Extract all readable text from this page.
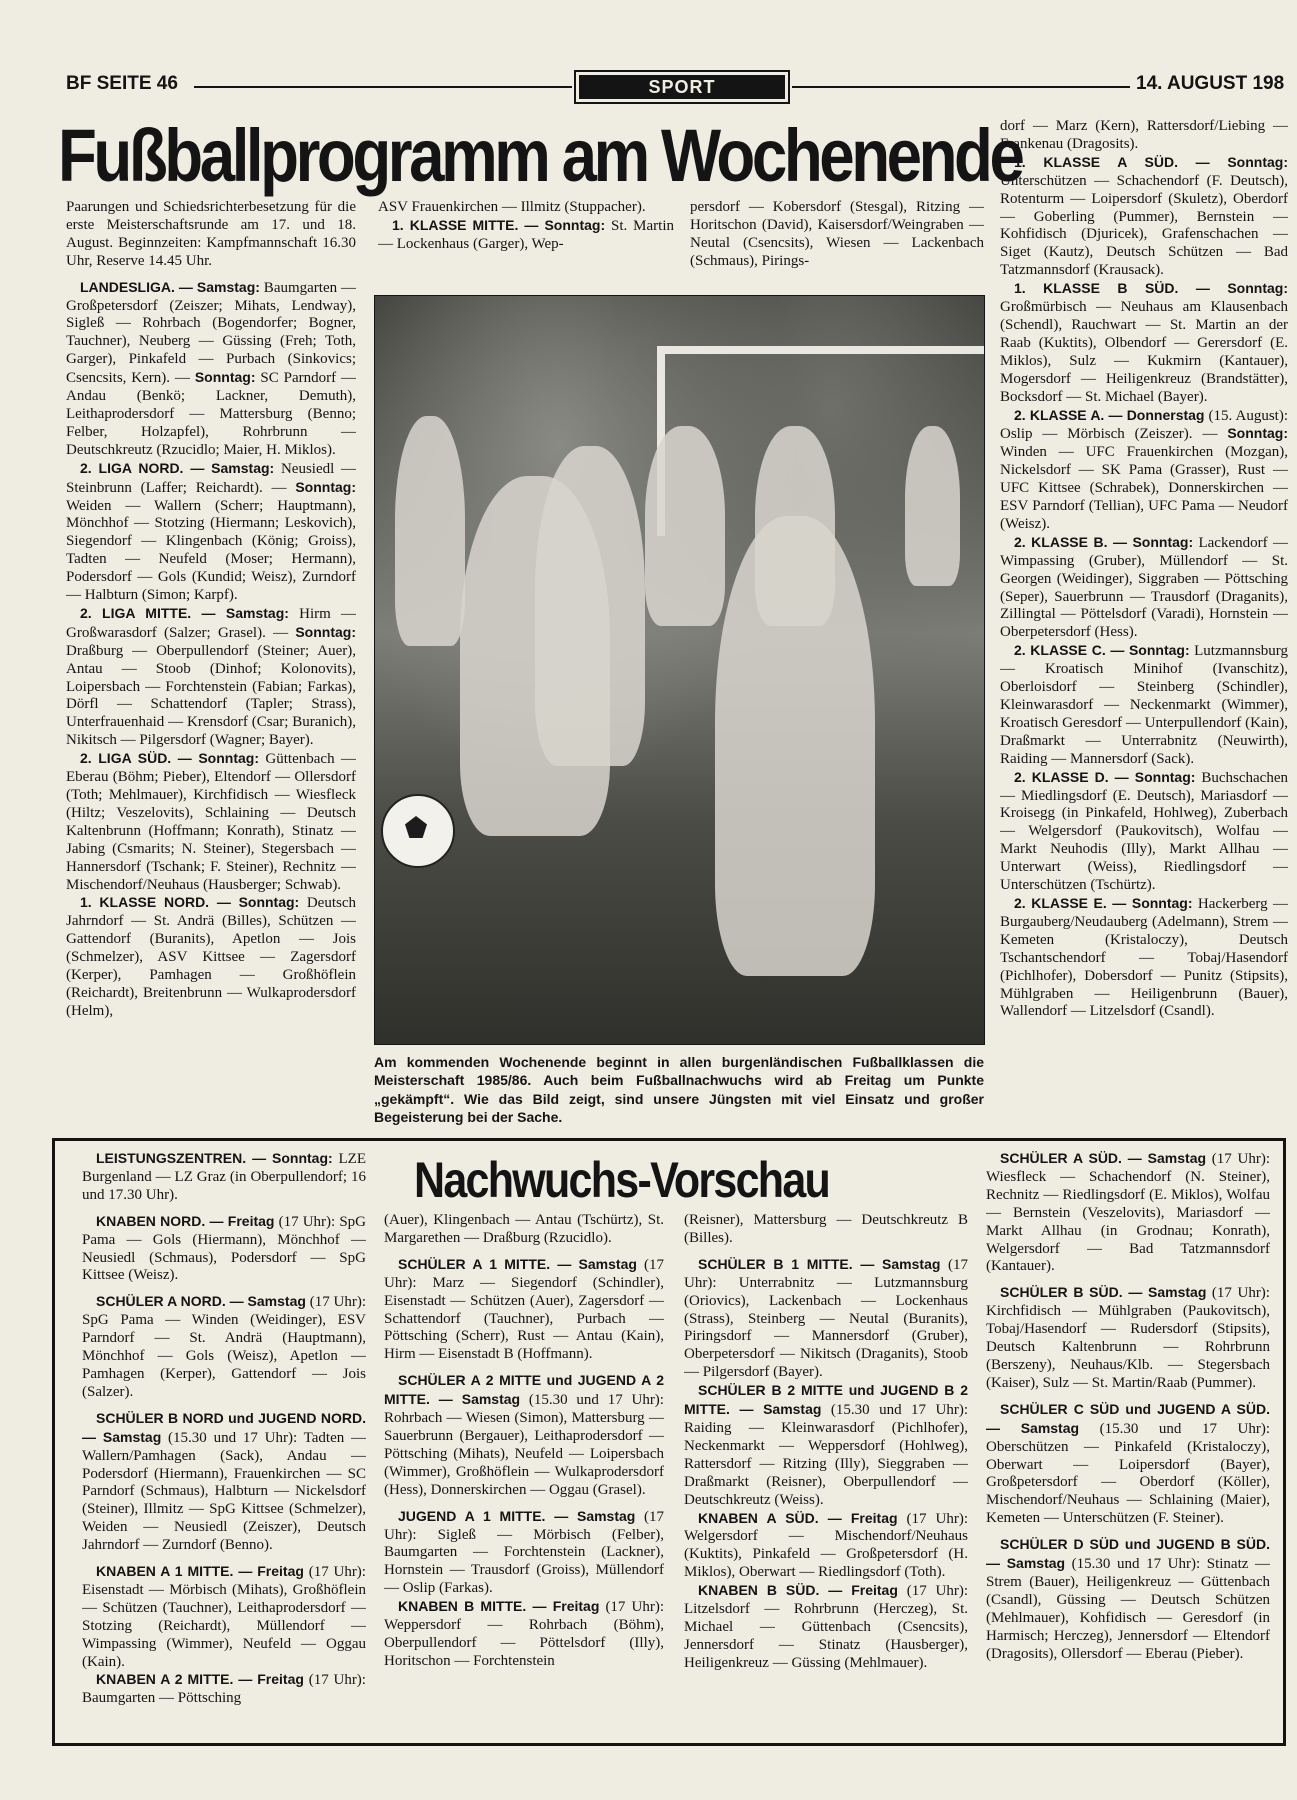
BF SEITE 46	SPORT	14. AUGUST 198
Fußballprogramm am Wochenende

Paarungen und Schiedsrichterbesetzung für die erste Meisterschaftsrunde am 17. und 18. August. Beginnzeiten: Kampfmannschaft 16.30 Uhr, Reserve 14.45 Uhr.

LANDESLIGA. — Samstag: Baumgarten — Großpetersdorf (Zeiszer; Mihats, Lendway), Sigleß — Rohrbach (Bogendorfer; Bogner, Tauchner), Neuberg — Güssing (Freh; Toth, Garger), Pinkafeld — Purbach (Sinkovics; Csencsits, Kern). — Sonntag: SC Parndorf — Andau (Benkö; Lackner, Demuth), Leithaprodersdorf — Mattersburg (Benno; Felber, Holzapfel), Rohrbrunn — Deutschkreutz (Rzucidlo; Maier, H. Miklos).

2. LIGA NORD. — Samstag: Neusiedl — Steinbrunn (Laffer; Reichardt). — Sonntag: Weiden — Wallern (Scherr; Hauptmann), Mönchhof — Stotzing (Hiermann; Leskovich), Siegendorf — Klingenbach (König; Groiss), Tadten — Neufeld (Moser; Hermann), Podersdorf — Gols (Kundid; Weisz), Zurndorf — Halbturn (Simon; Karpf).

2. LIGA MITTE. — Samstag: Hirm — Großwarasdorf (Salzer; Grasel). — Sonntag: Draßburg — Oberpullendorf (Steiner; Auer), Antau — Stoob (Dinhof; Kolonovits), Loipersbach — Forchtenstein (Fabian; Farkas), Dörfl — Schattendorf (Tapler; Strass), Unterfrauenhaid — Krensdorf (Csar; Buranich), Nikitsch — Pilgersdorf (Wagner; Bayer).

2. LIGA SÜD. — Sonntag: Güttenbach — Eberau (Böhm; Pieber), Eltendorf — Ollersdorf (Toth; Mehlmauer), Kirchfidisch — Wiesfleck (Hiltz; Veszelovits), Schlaining — Deutsch Kaltenbrunn (Hoffmann; Konrath), Stinatz — Jabing (Csmarits; N. Steiner), Stegersbach — Hannersdorf (Tschank; F. Steiner), Rechnitz — Mischendorf/Neuhaus (Hausberger; Schwab).

1. KLASSE NORD. — Sonntag: Deutsch Jahrndorf — St. Andrä (Billes), Schützen — Gattendorf (Buranits), Apetlon — Jois (Schmelzer), ASV Kittsee — Zagersdorf (Kerper), Pamhagen — Großhöflein (Reichardt), Breitenbrunn — Wulkaprodersdorf (Helm),

ASV Frauenkirchen — Illmitz (Stuppacher).

1. KLASSE MITTE. — Sonntag: St. Martin — Lockenhaus (Garger), Wep-

persdorf — Kobersdorf (Stesgal), Ritzing — Horitschon (David), Kaisersdorf/Weingraben — Neutal (Csencsits), Wiesen — Lackenbach (Schmaus), Pirings-

Am kommenden Wochenende beginnt in allen burgenländischen Fußballklassen die Meisterschaft 1985/86. Auch beim Fußballnachwuchs wird ab Freitag um Punkte „gekämpft“. Wie das Bild zeigt, sind unsere Jüngsten mit viel Einsatz und großer Begeisterung bei der Sache.

dorf — Marz (Kern), Rattersdorf/Liebing — Frankenau (Dragosits).

1. KLASSE A SÜD. — Sonntag: Unterschützen — Schachendorf (F. Deutsch), Rotenturm — Loipersdorf (Skuletz), Oberdorf — Goberling (Pummer), Bernstein — Kohfidisch (Djuricek), Grafenschachen — Siget (Kautz), Deutsch Schützen — Bad Tatzmannsdorf (Krausack).

1. KLASSE B SÜD. — Sonntag: Großmürbisch — Neuhaus am Klausenbach (Schendl), Rauchwart — St. Martin an der Raab (Kuktits), Olbendorf — Gerersdorf (E. Miklos), Sulz — Kukmirn (Kantauer), Mogersdorf — Heiligenkreuz (Brandstätter), Bocksdorf — St. Michael (Bayer).

2. KLASSE A. — Donnerstag (15. August): Oslip — Mörbisch (Zeiszer). — Sonntag: Winden — UFC Frauenkirchen (Mozgan), Nickelsdorf — SK Pama (Grasser), Rust — UFC Kittsee (Schrabek), Donnerskirchen — ESV Parndorf (Tellian), UFC Pama — Neudorf (Weisz).

2. KLASSE B. — Sonntag: Lackendorf — Wimpassing (Gruber), Müllendorf — St. Georgen (Weidinger), Siggraben — Pöttsching (Seper), Sauerbrunn — Trausdorf (Draganits), Zillingtal — Pöttelsdorf (Varadi), Hornstein — Oberpetersdorf (Hess).

2. KLASSE C. — Sonntag: Lutzmannsburg — Kroatisch Minihof (Ivanschitz), Oberloisdorf — Steinberg (Schindler), Kleinwarasdorf — Neckenmarkt (Wimmer), Kroatisch Geresdorf — Unterpullendorf (Kain), Draßmarkt — Unterrabnitz (Neuwirth), Raiding — Mannersdorf (Sack).

2. KLASSE D. — Sonntag: Buchschachen — Miedlingsdorf (E. Deutsch), Mariasdorf — Kroisegg (in Pinkafeld, Hohlweg), Zuberbach — Welgersdorf (Paukovitsch), Wolfau — Markt Neuhodis (Illy), Markt Allhau — Unterwart (Weiss), Riedlingsdorf — Unterschützen (Tschürtz).

2. KLASSE E. — Sonntag: Hackerberg — Burgauberg/Neudauberg (Adelmann), Strem — Kemeten (Kristaloczy), Deutsch Tschantschendorf — Tobaj/Hasendorf (Pichlhofer), Dobersdorf — Punitz (Stipsits), Mühlgraben — Heiligenbrunn (Bauer), Wallendorf — Litzelsdorf (Csandl).

Nachwuchs-Vorschau

LEISTUNGSZENTREN. — Sonntag: LZE Burgenland — LZ Graz (in Oberpullendorf; 16 und 17.30 Uhr).

KNABEN NORD. — Freitag (17 Uhr): SpG Pama — Gols (Hiermann), Mönchhof — Neusiedl (Schmaus), Podersdorf — SpG Kittsee (Weisz).

SCHÜLER A NORD. — Samstag (17 Uhr): SpG Pama — Winden (Weidinger), ESV Parndorf — St. Andrä (Hauptmann), Mönchhof — Gols (Weisz), Apetlon — Pamhagen (Kerper), Gattendorf — Jois (Salzer).

SCHÜLER B NORD und JUGEND NORD. — Samstag (15.30 und 17 Uhr): Tadten — Wallern/Pamhagen (Sack), Andau — Podersdorf (Hiermann), Frauenkirchen — SC Parndorf (Schmaus), Halbturn — Nickelsdorf (Steiner), Illmitz — SpG Kittsee (Schmelzer), Weiden — Neusiedl (Zeiszer), Deutsch Jahrndorf — Zurndorf (Benno).

KNABEN A 1 MITTE. — Freitag (17 Uhr): Eisenstadt — Mörbisch (Mihats), Großhöflein — Schützen (Tauchner), Leithaprodersdorf — Stotzing (Reichardt), Müllendorf — Wimpassing (Wimmer), Neufeld — Oggau (Kain).

KNABEN A 2 MITTE. — Freitag (17 Uhr): Baumgarten — Pöttsching

(Auer), Klingenbach — Antau (Tschürtz), St. Margarethen — Draßburg (Rzucidlo).

SCHÜLER A 1 MITTE. — Samstag (17 Uhr): Marz — Siegendorf (Schindler), Eisenstadt — Schützen (Auer), Zagersdorf — Schattendorf (Tauchner), Purbach — Pöttsching (Scherr), Rust — Antau (Kain), Hirm — Eisenstadt B (Hoffmann).

SCHÜLER A 2 MITTE und JUGEND A 2 MITTE. — Samstag (15.30 und 17 Uhr): Rohrbach — Wiesen (Simon), Mattersburg — Sauerbrunn (Bergauer), Leithaprodersdorf — Pöttsching (Mihats), Neufeld — Loipersbach (Wimmer), Großhöflein — Wulkaprodersdorf (Hess), Donnerskirchen — Oggau (Grasel).

JUGEND A 1 MITTE. — Samstag (17 Uhr): Sigleß — Mörbisch (Felber), Baumgarten — Forchtenstein (Lackner), Hornstein — Trausdorf (Groiss), Müllendorf — Oslip (Farkas).

KNABEN B MITTE. — Freitag (17 Uhr): Weppersdorf — Rohrbach (Böhm), Oberpullendorf — Pöttelsdorf (Illy), Horitschon — Forchtenstein

(Reisner), Mattersburg — Deutschkreutz B (Billes).

SCHÜLER B 1 MITTE. — Samstag (17 Uhr): Unterrabnitz — Lutzmannsburg (Oriovics), Lackenbach — Lockenhaus (Strass), Steinberg — Neutal (Buranits), Piringsdorf — Mannersdorf (Gruber), Oberpetersdorf — Nikitsch (Draganits), Stoob — Pilgersdorf (Bayer).

SCHÜLER B 2 MITTE und JUGEND B 2 MITTE. — Samstag (15.30 und 17 Uhr): Raiding — Kleinwarasdorf (Pichlhofer), Neckenmarkt — Weppersdorf (Hohlweg), Rattersdorf — Ritzing (Illy), Sieggraben — Draßmarkt (Reisner), Oberpullendorf — Deutschkreutz (Weiss).

KNABEN A SÜD. — Freitag (17 Uhr): Welgersdorf — Mischendorf/Neuhaus (Kuktits), Pinkafeld — Großpetersdorf (H. Miklos), Oberwart — Riedlingsdorf (Toth).

KNABEN B SÜD. — Freitag (17 Uhr): Litzelsdorf — Rohrbrunn (Herczeg), St. Michael — Güttenbach (Csencsits), Jennersdorf — Stinatz (Hausberger), Heiligenkreuz — Güssing (Mehlmauer).

SCHÜLER A SÜD. — Samstag (17 Uhr): Wiesfleck — Schachendorf (N. Steiner), Rechnitz — Riedlingsdorf (E. Miklos), Wolfau — Bernstein (Veszelovits), Mariasdorf — Markt Allhau (in Grodnau; Konrath), Welgersdorf — Bad Tatzmannsdorf (Kantauer).

SCHÜLER B SÜD. — Samstag (17 Uhr): Kirchfidisch — Mühlgraben (Paukovitsch), Tobaj/Hasendorf — Rudersdorf (Stipsits), Deutsch Kaltenbrunn — Rohrbrunn (Berszeny), Neuhaus/Klb. — Stegersbach (Kaiser), Sulz — St. Martin/Raab (Pummer).

SCHÜLER C SÜD und JUGEND A SÜD. — Samstag (15.30 und 17 Uhr): Oberschützen — Pinkafeld (Kristaloczy), Oberwart — Loipersdorf (Bayer), Großpetersdorf — Oberdorf (Köller), Mischendorf/Neuhaus — Schlaining (Maier), Kemeten — Unterschützen (F. Steiner).

SCHÜLER D SÜD und JUGEND B SÜD. — Samstag (15.30 und 17 Uhr): Stinatz — Strem (Bauer), Heiligenkreuz — Güttenbach (Csandl), Güssing — Deutsch Schützen (Mehlmauer), Kohfidisch — Geresdorf (in Harmisch; Herczeg), Jennersdorf — Eltendorf (Dragosits), Ollersdorf — Eberau (Pieber).
